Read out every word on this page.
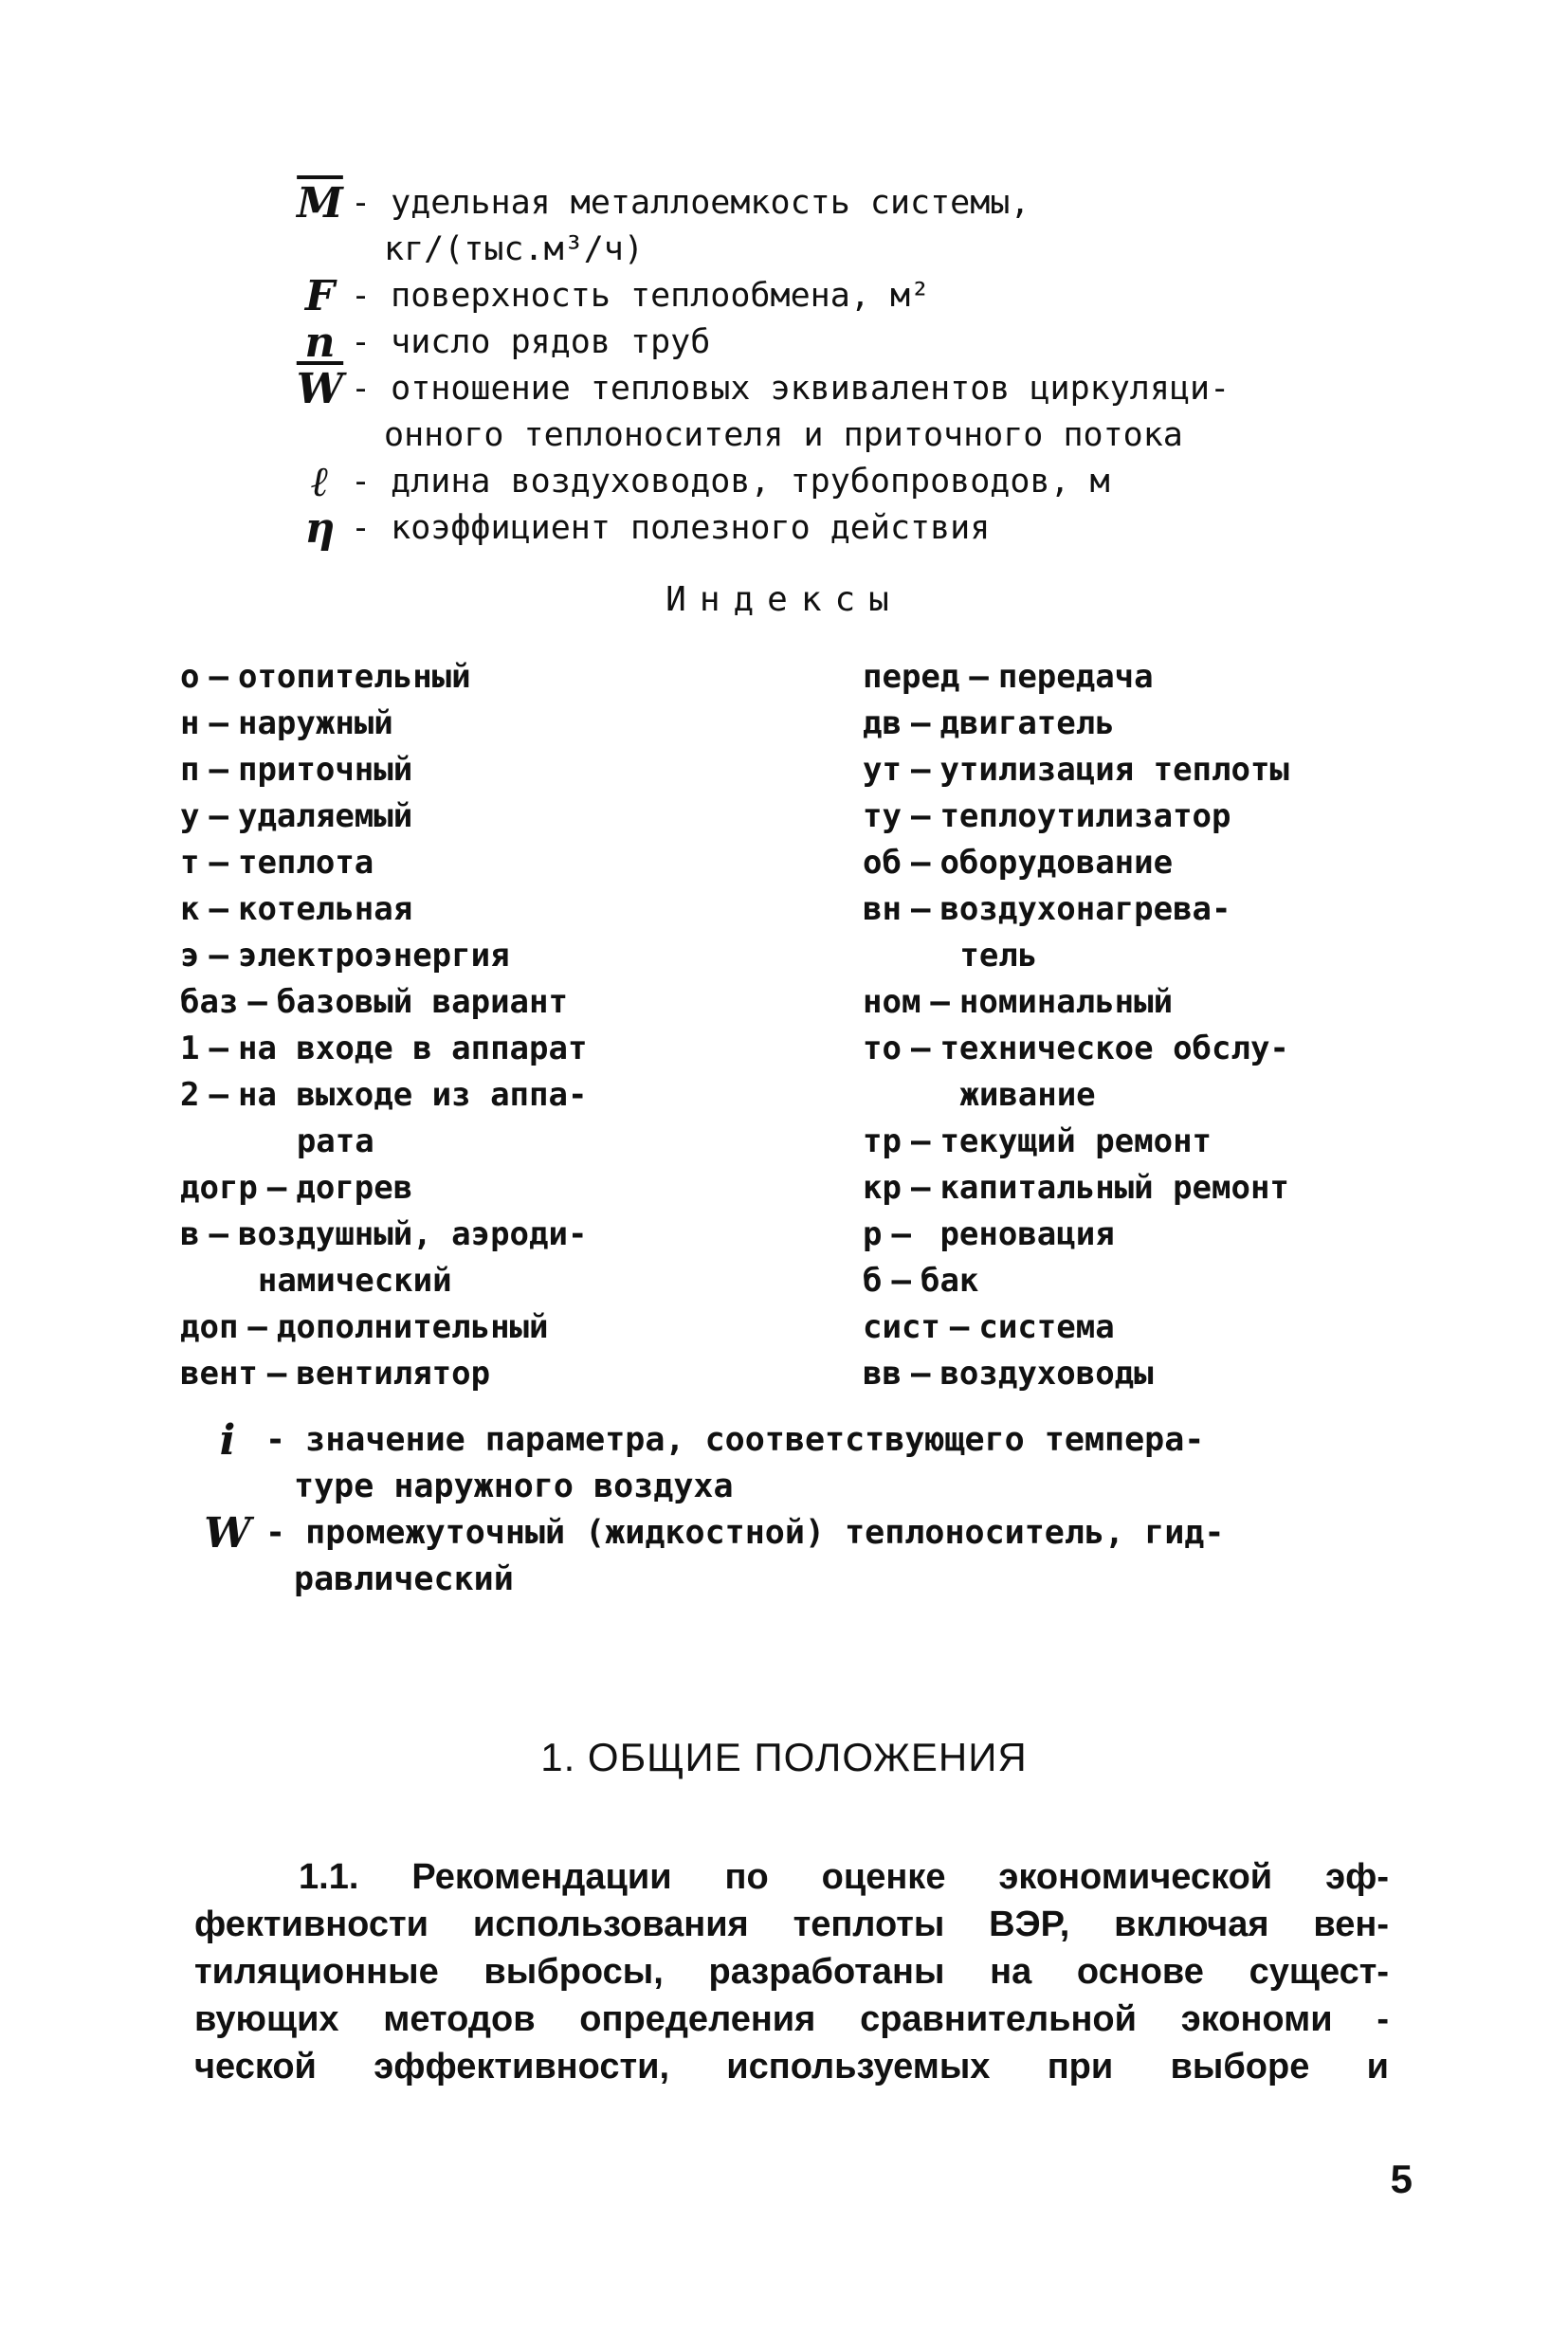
$\overline{M}$ - удельная металлоемкость системы,
кг/(тыс.м³/ч)
F - поверхность теплообмена, м²
n - число рядов труб
$\overline{W}$ - отношение тепловых эквивалентов циркуляци-
онного теплоносителя и приточного потока
ℓ - длина воздуховодов, трубопроводов, м
η - коэффициент полезного действия
Индексы
о – отопительный
н – наружный
п – приточный
у – удаляемый
т – теплота
к – котельная
э – электроэнергия
баз – базовый вариант
1 – на входе в аппарат
2 – на выходе из аппа-
рата
догр – догрев
в – воздушный, аэроди-
намический
доп – дополнительный
вент – вентилятор
перед – передача
дв – двигатель
ут – утилизация теплоты
ту – теплоутилизатор
об – оборудование
вн – воздухонагрева-
тель
ном – номинальный
то – техническое обслу-
живание
тр – текущий ремонт
кр – капитальный ремонт
р – реновация
б – бак
сист – система
вв – воздуховоды
i - значение параметра, соответствующего темпера-
туре наружного воздуха
W - промежуточный (жидкостной) теплоноситель, гид-
равлический
1. ОБЩИЕ ПОЛОЖЕНИЯ
1.1. Рекомендации по оценке экономической эф-
фективности использования теплоты ВЭР, включая вен-
тиляционные выбросы, разработаны на основе сущест-
вующих методов определения сравнительной экономи -
ческой эффективности, используемых при выборе и
5
